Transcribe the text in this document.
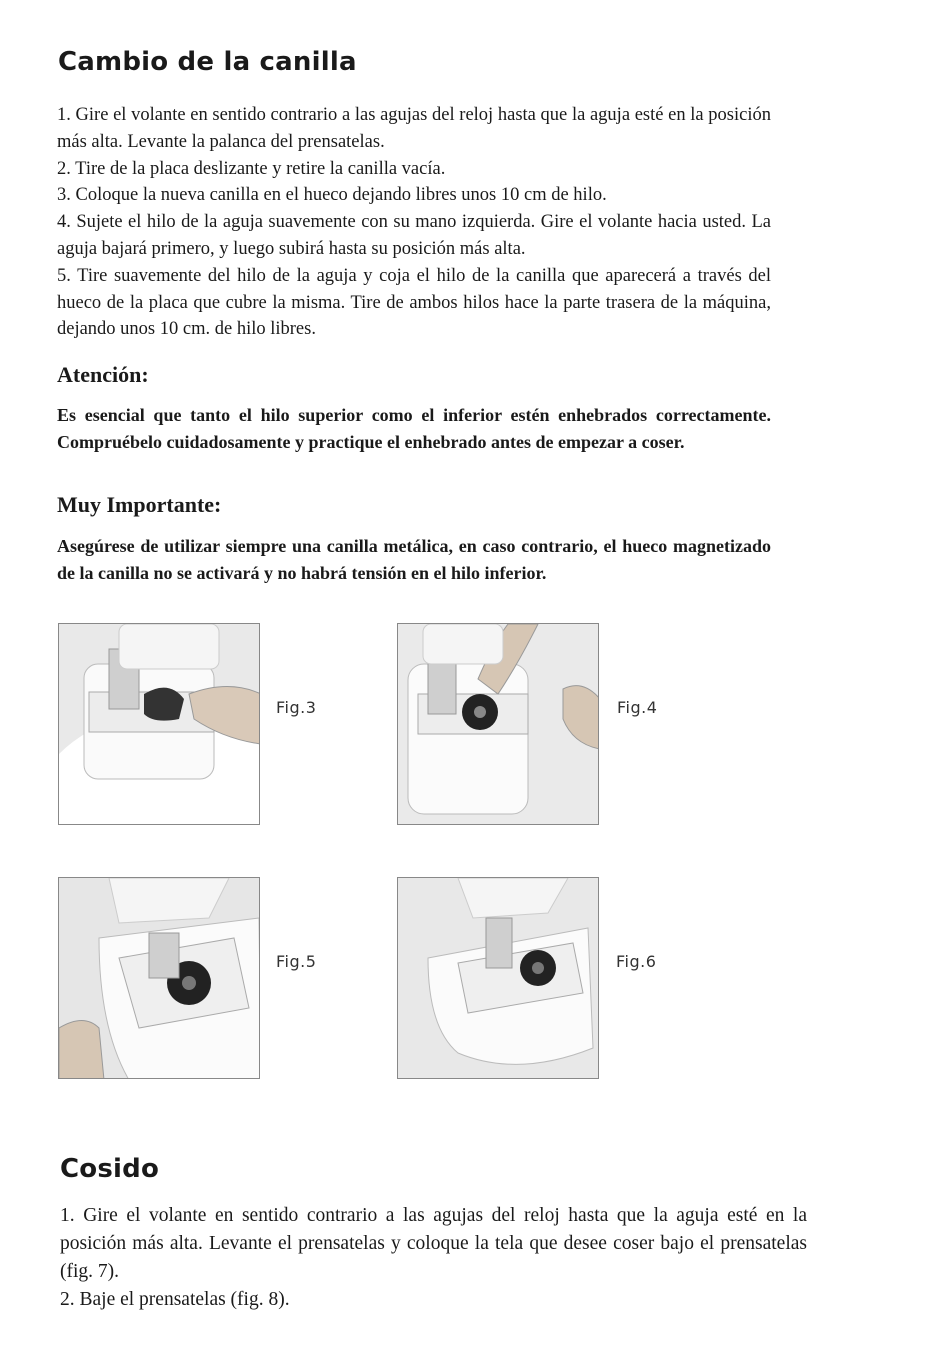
Cambio de la canilla

1. Gire el volante en sentido contrario a las agujas del reloj hasta que la aguja esté en la posición más alta. Levante la palanca del prensatelas.

2. Tire de la placa deslizante y retire la canilla vacía.

3. Coloque la nueva canilla en el hueco dejando libres unos 10 cm de hilo.

4. Sujete el hilo de la aguja suavemente con su mano izquierda. Gire el volante hacia usted. La aguja bajará primero, y luego subirá hasta su posición más alta.

5. Tire suavemente del hilo de la aguja y coja el hilo de la canilla que aparecerá a través del hueco de la placa que cubre la misma. Tire de ambos hilos hace la parte trasera de la máquina, dejando unos 10 cm. de hilo libres.

Atención:

Es esencial que tanto el hilo superior como el inferior estén enhebrados correctamente. Compruébelo cuidadosamente y practique el enhebrado antes de empezar a coser.

Muy Importante:

Asegúrese de utilizar siempre una canilla metálica, en caso contrario, el hueco magnetizado de la canilla no se activará y no habrá tensión en el hilo inferior.

Fig.3	Fig.4
Fig.5	Fig.6
Cosido

1. Gire el volante en sentido contrario a las agujas del reloj hasta que la aguja esté en la posición más alta. Levante el prensatelas y coloque la tela que desee coser bajo el prensatelas (fig. 7).

2. Baje el prensatelas (fig. 8).
